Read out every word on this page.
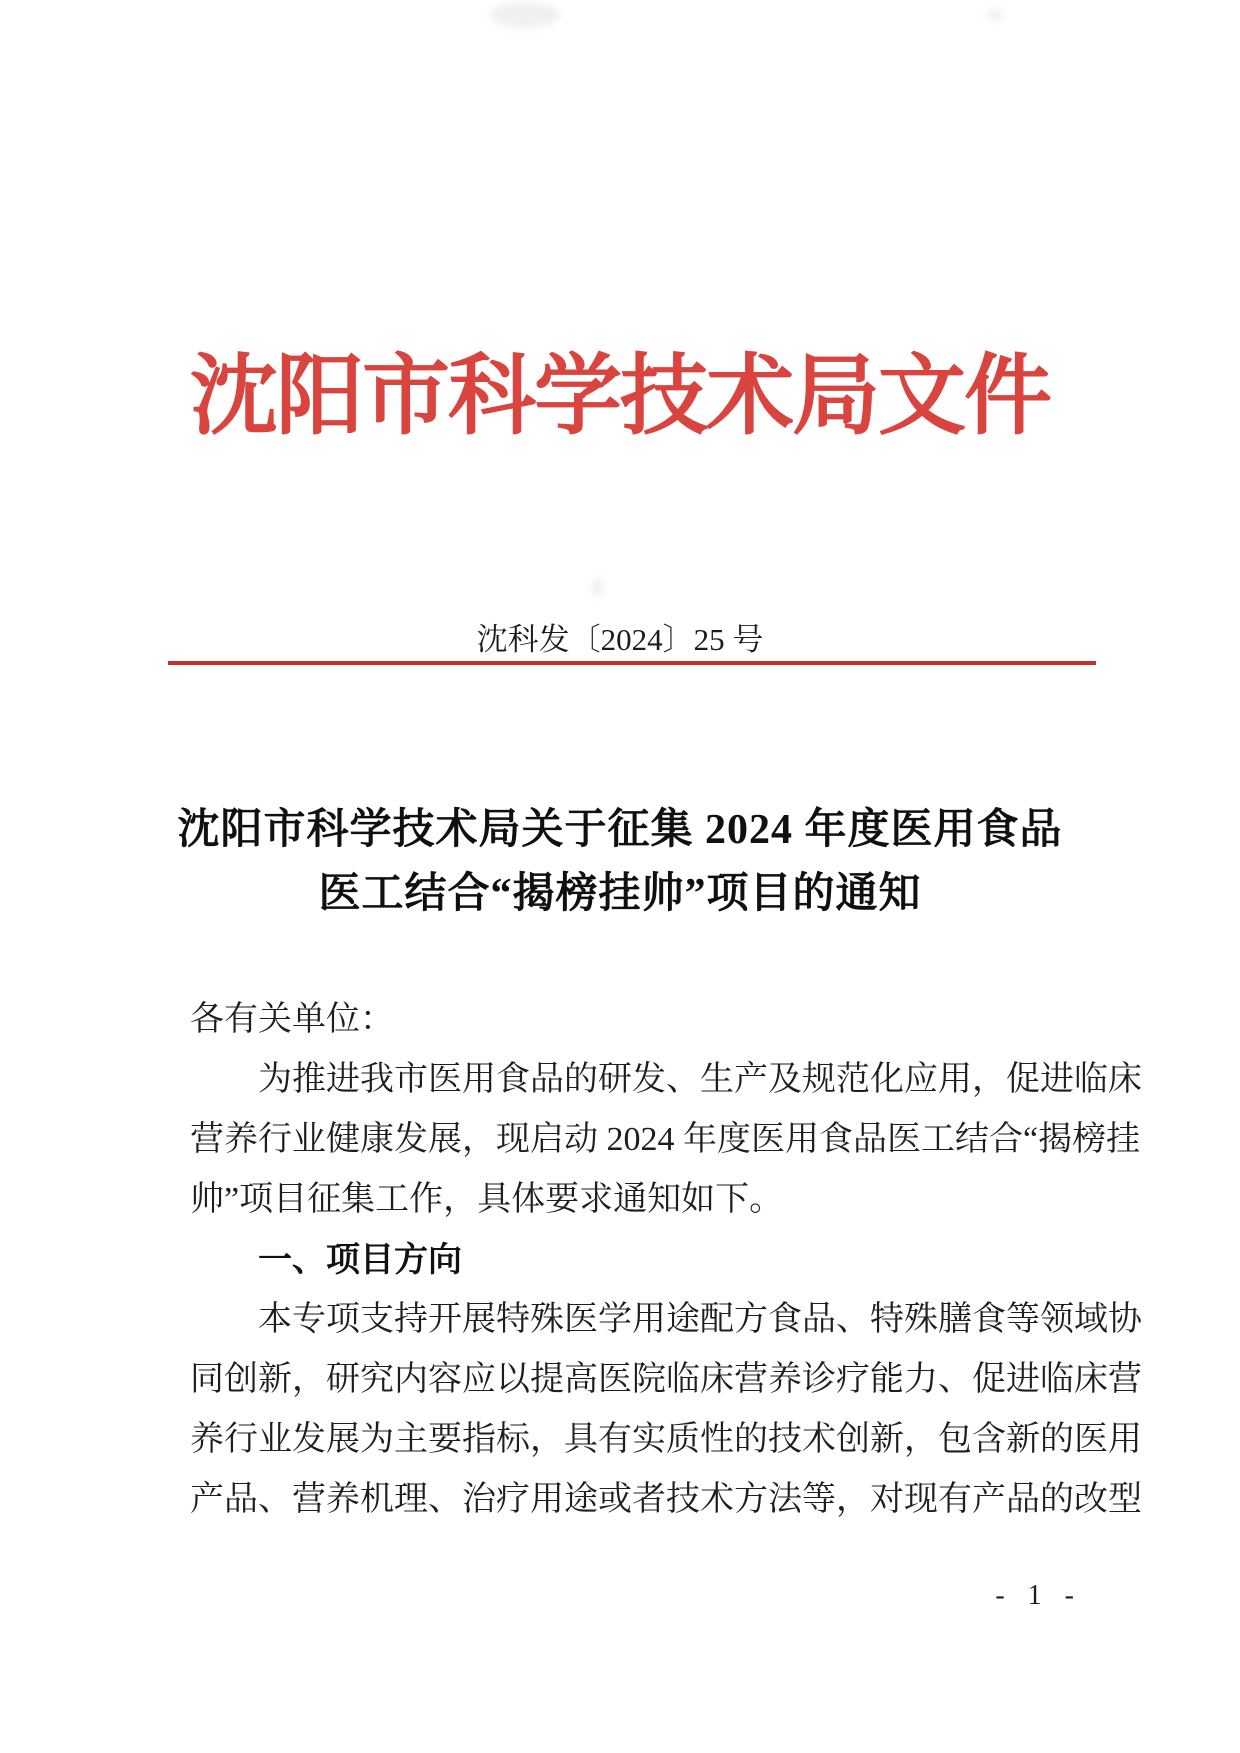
沈阳市科学技术局文件
沈科发〔2024〕25 号
沈阳市科学技术局关于征集 2024 年度医用食品
医工结合“揭榜挂帅”项目的通知
各有关单位：
为推进我市医用食品的研发、生产及规范化应用，促进临床
营养行业健康发展，现启动 2024 年度医用食品医工结合“揭榜挂
帅”项目征集工作，具体要求通知如下。
一、项目方向
本专项支持开展特殊医学用途配方食品、特殊膳食等领域协
同创新，研究内容应以提高医院临床营养诊疗能力、促进临床营
养行业发展为主要指标，具有实质性的技术创新，包含新的医用
产品、营养机理、治疗用途或者技术方法等，对现有产品的改型
- 1 -
